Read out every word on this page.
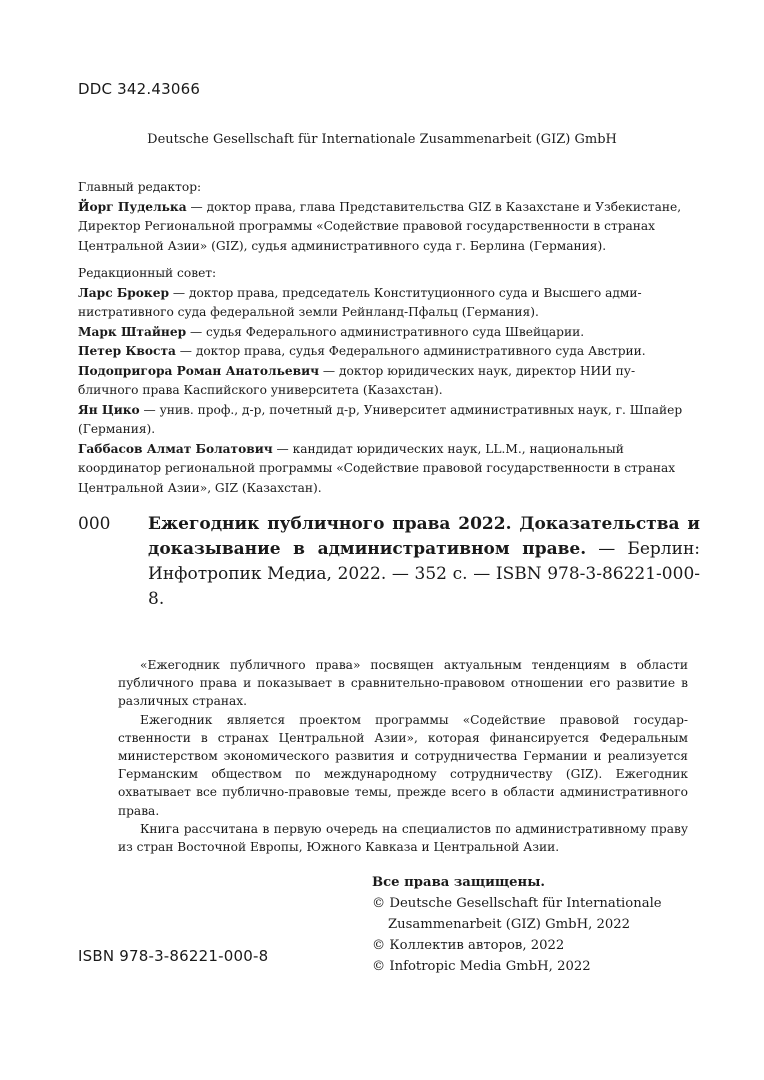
DDC 342.43066
Deutsche Gesellschaft für Internationale Zusammenarbeit (GIZ) GmbH

Главный редактор:

Йорг Пуделька — доктор права, глава Представительства GIZ в Казахстане и Узбекистане, Директор Региональной программы «Содействие правовой государственности в странах Центральной Азии» (GIZ), судья административного суда г. Берлина (Германия).

Редакционный совет:

Ларс Брокер — доктор права, председатель Конституционного суда и Высшего административного суда федеральной земли Рейнланд-Пфальц (Германия).

Марк Штайнер — судья Федерального административного суда Швейцарии.

Петер Квоста — доктор права, судья Федерального административного суда Австрии.

Подопригора Роман Анатольевич — доктор юридических наук, директор НИИ публичного права Каспийского университета (Казахстан).

Ян Цико — унив. проф., д-р, почетный д-р, Университет административных наук, г. Шпайер (Германия).

Габбасов Алмат Болатович — кандидат юридических наук, LL.M., национальный координатор региональной программы «Содействие правовой государственности в странах Центральной Азии», GIZ (Казахстан).

000 Ежегодник публичного права 2022. Доказательства и доказывание в административном праве. — Берлин: Инфотропик Медиа, 2022. — 352 с. — ISBN 978-3-86221-000-8.

«Ежегодник публичного права» посвящен актуальным тенденциям в области публичного права и показывает в сравнительно-правовом отношении его развитие в различных странах.

Ежегодник является проектом программы «Содействие правовой государственности в странах Центральной Азии», которая финансируется Федеральным министерством экономического развития и сотрудничества Германии и реализуется Германским обществом по международному сотрудничеству (GIZ). Ежегодник охватывает все публично-правовые темы, прежде всего в области административного права.

Книга рассчитана в первую очередь на специалистов по административному праву из стран Восточной Европы, Южного Кавказа и Центральной Азии.

Все права защищены.
© Deutsche Gesellschaft für Internationale Zusammenarbeit (GIZ) GmbH, 2022
© Коллектив авторов, 2022
© Infotropic Media GmbH, 2022
ISBN 978-3-86221-000-8
